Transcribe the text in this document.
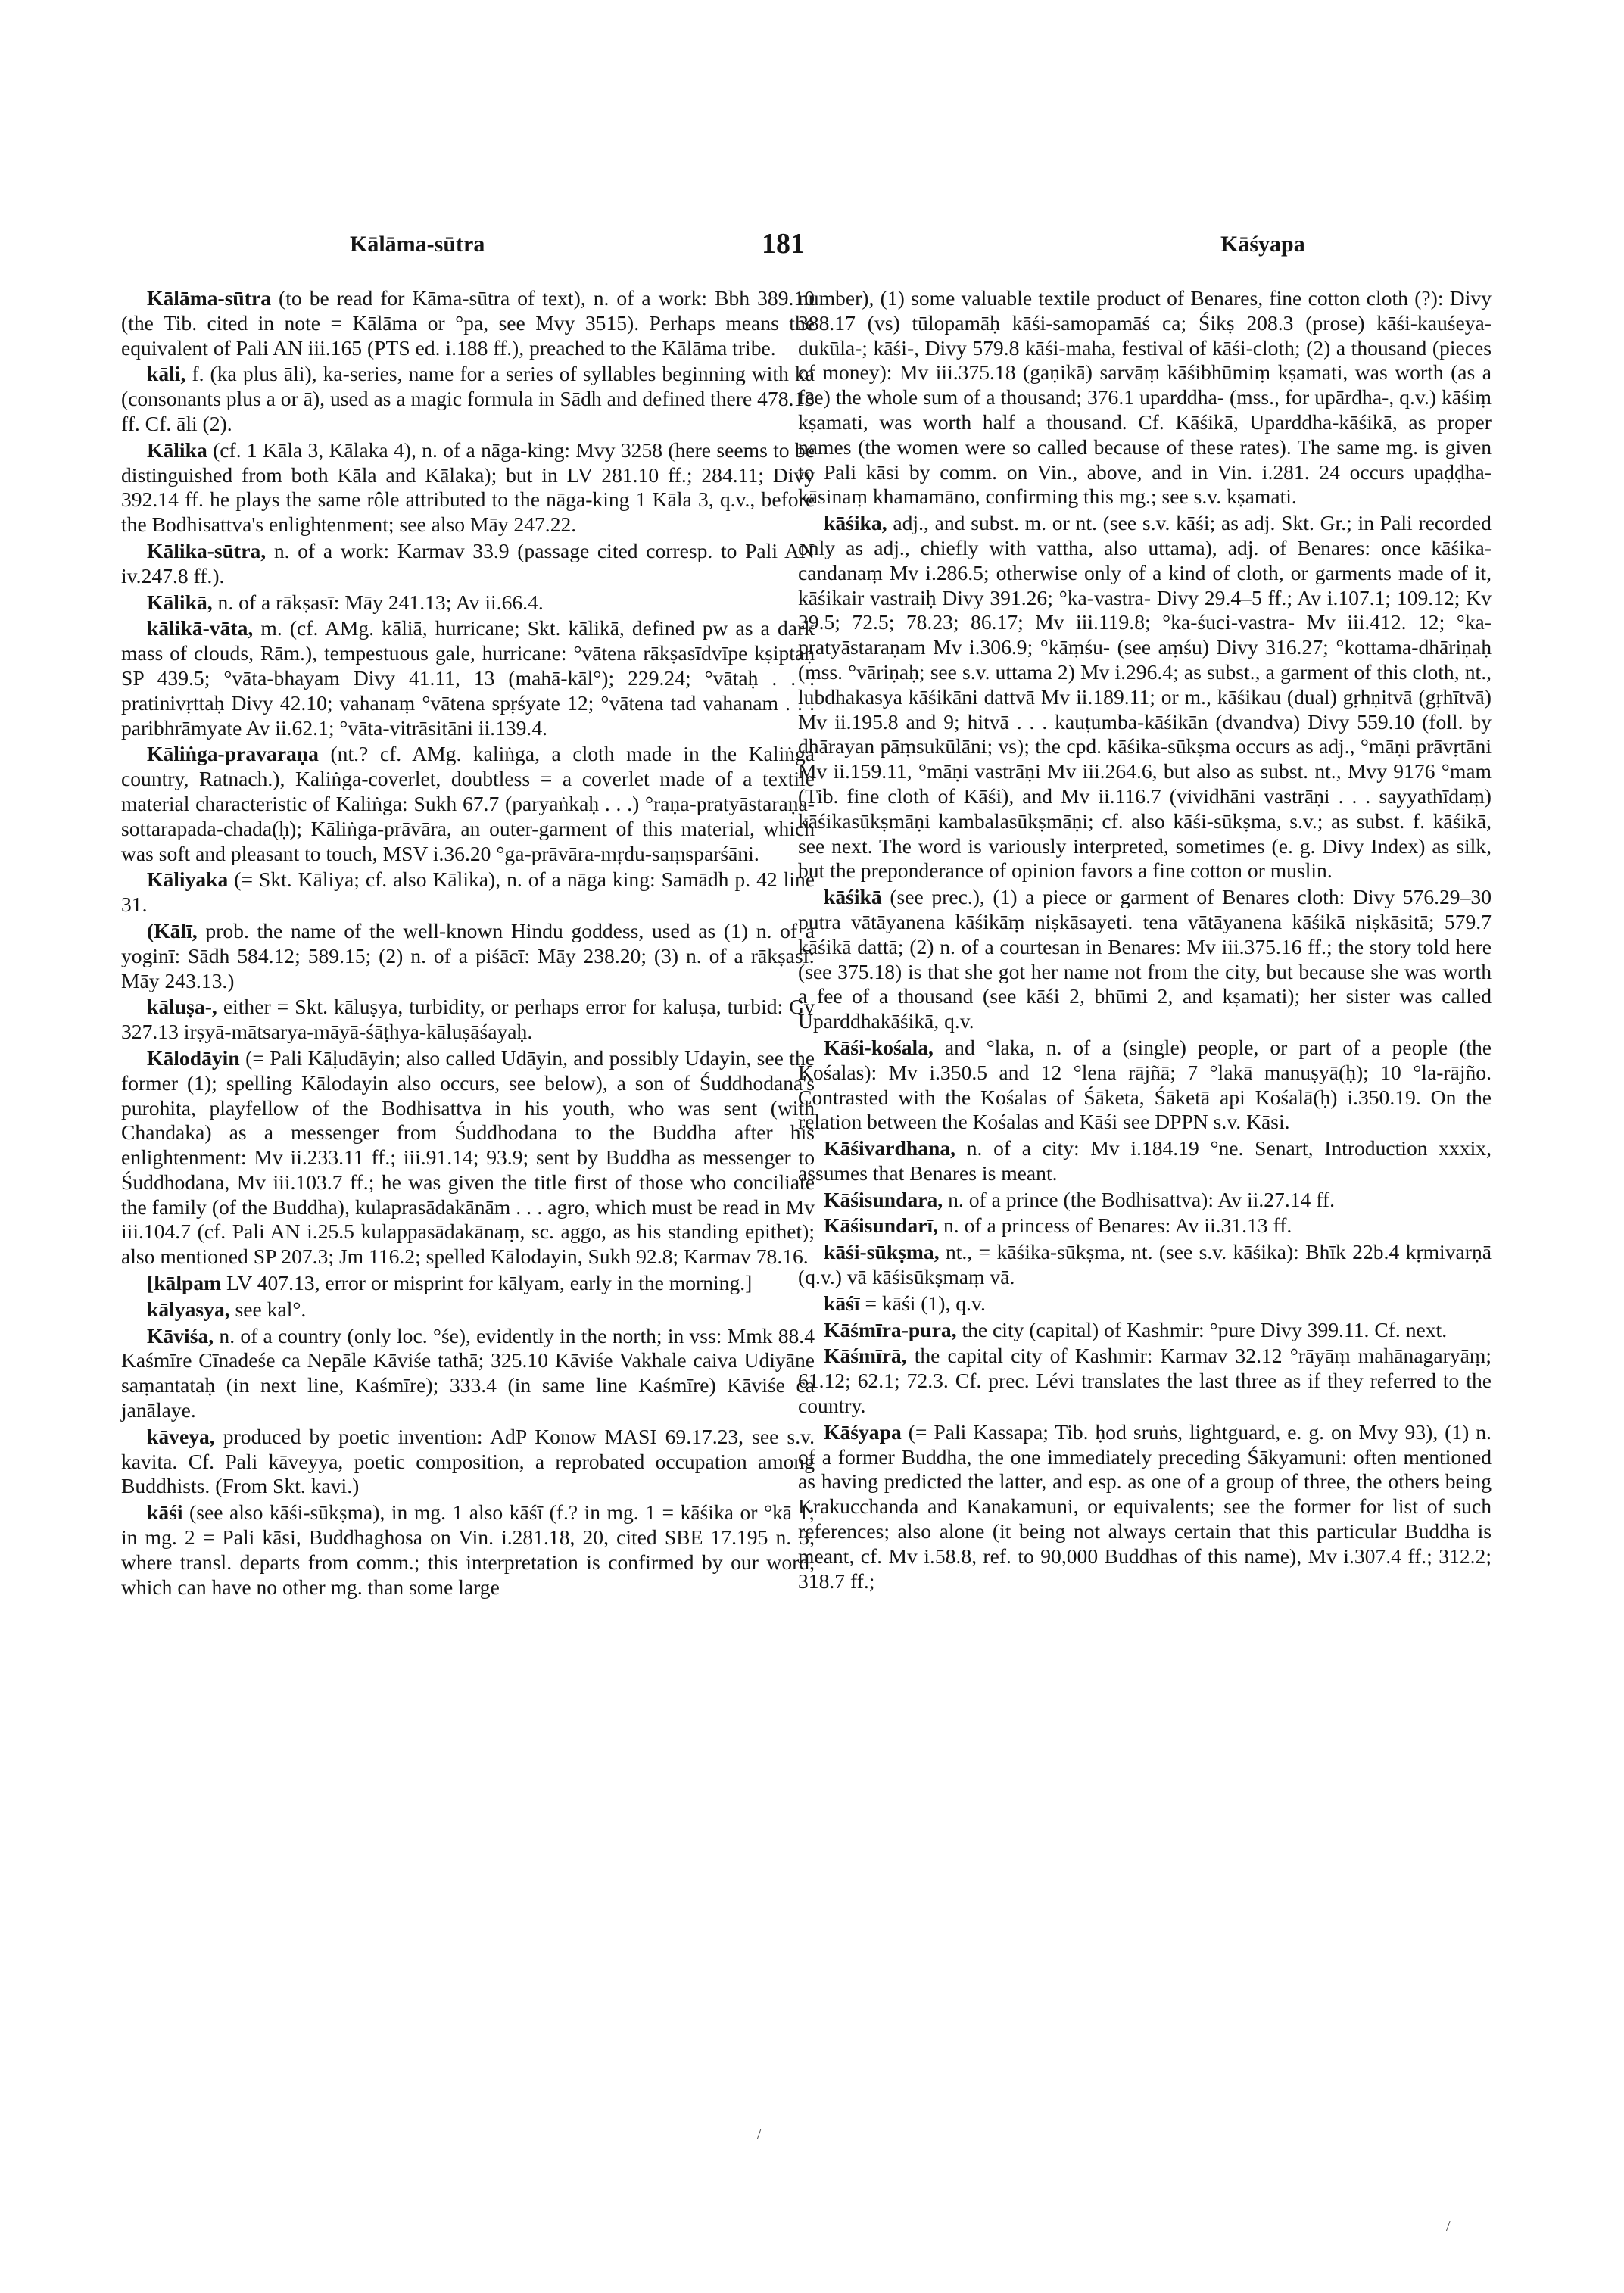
Kālāma-sūtra	181	Kāśyapa

Kālāma-sūtra (to be read for Kāma-sūtra of text), n. of a work: Bbh 389.10 (the Tib. cited in note = Kālāma or °pa, see Mvy 3515). Perhaps means the equivalent of Pali AN iii.165 (PTS ed. i.188 ff.), preached to the Kālāma tribe.

kāli, f. (ka plus āli), ka-series, name for a series of syllables beginning with ka (consonants plus a or ā), used as a magic formula in Sādh and defined there 478.13 ff. Cf. āli (2).

Kālika (cf. 1 Kāla 3, Kālaka 4), n. of a nāga-king: Mvy 3258 (here seems to be distinguished from both Kāla and Kālaka); but in LV 281.10 ff.; 284.11; Divy 392.14 ff. he plays the same rôle attributed to the nāga-king 1 Kāla 3, q.v., before the Bodhisattva's enlightenment; see also Māy 247.22.

Kālika-sūtra, n. of a work: Karmav 33.9 (passage cited corresp. to Pali AN iv.247.8 ff.).

Kālikā, n. of a rākṣasī: Māy 241.13; Av ii.66.4.

kālikā-vāta, m. (cf. AMg. kāliā, hurricane; Skt. kālikā, defined pw as a dark mass of clouds, Rām.), tempestuous gale, hurricane: °vātena rākṣasīdvīpe kṣiptaḥ SP 439.5; °vāta-bhayam Divy 41.11, 13 (mahā-kāl°); 229.24; °vātaḥ . . . pratinivṛttaḥ Divy 42.10; vahanaṃ °vātena spṛśyate 12; °vātena tad vahanam . . . paribhrāmyate Av ii.62.1; °vāta-vitrāsitāni ii.139.4.

Kāliṅga-pravaraṇa (nt.? cf. AMg. kaliṅga, a cloth made in the Kaliṅga country, Ratnach.), Kaliṅga-coverlet, doubtless = a coverlet made of a textile material characteristic of Kaliṅga: Sukh 67.7 (paryaṅkaḥ . . .) °raṇa-pratyāstaraṇa-sottarapada-chada(ḥ); Kāliṅga-prāvāra, an outer-garment of this material, which was soft and pleasant to touch, MSV i.36.20 °ga-prāvāra-mṛdu-saṃsparśāni.

Kāliyaka (= Skt. Kāliya; cf. also Kālika), n. of a nāga king: Samādh p. 42 line 31.

(Kālī, prob. the name of the well-known Hindu goddess, used as (1) n. of a yoginī: Sādh 584.12; 589.15; (2) n. of a piśācī: Māy 238.20; (3) n. of a rākṣasī: Māy 243.13.)

kāluṣa-, either = Skt. kāluṣya, turbidity, or perhaps error for kaluṣa, turbid: Gv 327.13 irṣyā-mātsarya-māyā-śāṭhya-kāluṣāśayaḥ.

Kālodāyin (= Pali Kāḷudāyin; also called Udāyin, and possibly Udayin, see the former (1); spelling Kālodayin also occurs, see below), a son of Śuddhodana's purohita, playfellow of the Bodhisattva in his youth, who was sent (with Chandaka) as a messenger from Śuddhodana to the Buddha after his enlightenment: Mv ii.233.11 ff.; iii.91.14; 93.9; sent by Buddha as messenger to Śuddhodana, Mv iii.103.7 ff.; he was given the title first of those who conciliate the family (of the Buddha), kulaprasādakānām . . . agro, which must be read in Mv iii.104.7 (cf. Pali AN i.25.5 kulappasādakānaṃ, sc. aggo, as his standing epithet); also mentioned SP 207.3; Jm 116.2; spelled Kālodayin, Sukh 92.8; Karmav 78.16.

[kālpam LV 407.13, error or misprint for kālyam, early in the morning.]

kālyasya, see kal°.

Kāviśa, n. of a country (only loc. °śe), evidently in the north; in vss: Mmk 88.4 Kaśmīre Cīnadeśe ca Nepāle Kāviśe tathā; 325.10 Kāviśe Vakhale caiva Udiyāne saṃantataḥ (in next line, Kaśmīre); 333.4 (in same line Kaśmīre) Kāviśe ca janālaye.

kāveya, produced by poetic invention: AdP Konow MASI 69.17.23, see s.v. kavita. Cf. Pali kāveyya, poetic composition, a reprobated occupation among Buddhists. (From Skt. kavi.)

kāśi (see also kāśi-sūkṣma), in mg. 1 also kāśī (f.? in mg. 1 = kāśika or °kā 1; in mg. 2 = Pali kāsi, Buddhaghosa on Vin. i.281.18, 20, cited SBE 17.195 n. 3, where transl. departs from comm.; this interpretation is confirmed by our word, which can have no other mg. than some large

number), (1) some valuable textile product of Benares, fine cotton cloth (?): Divy 388.17 (vs) tūlopamāḥ kāśi-samopamāś ca; Śikṣ 208.3 (prose) kāśi-kauśeya-dukūla-; kāśi-, Divy 579.8 kāśi-maha, festival of kāśi-cloth; (2) a thousand (pieces of money): Mv iii.375.18 (gaṇikā) sarvāṃ kāśibhūmiṃ kṣamati, was worth (as a fee) the whole sum of a thousand; 376.1 uparddha- (mss., for upārdha-, q.v.) kāśiṃ kṣamati, was worth half a thousand. Cf. Kāśikā, Uparddha-kāśikā, as proper names (the women were so called because of these rates). The same mg. is given to Pali kāsi by comm. on Vin., above, and in Vin. i.281. 24 occurs upaḍḍha-kāsinaṃ khamamāno, confirming this mg.; see s.v. kṣamati.

kāśika, adj., and subst. m. or nt. (see s.v. kāśi; as adj. Skt. Gr.; in Pali recorded only as adj., chiefly with vattha, also uttama), adj. of Benares: once kāśika-candanaṃ Mv i.286.5; otherwise only of a kind of cloth, or garments made of it, kāśikair vastraiḥ Divy 391.26; °ka-vastra- Divy 29.4–5 ff.; Av i.107.1; 109.12; Kv 39.5; 72.5; 78.23; 86.17; Mv iii.119.8; °ka-śuci-vastra- Mv iii.412. 12; °ka-pratyāstaraṇam Mv i.306.9; °kāṃśu- (see aṃśu) Divy 316.27; °kottama-dhāriṇaḥ (mss. °vāriṇaḥ; see s.v. uttama 2) Mv i.296.4; as subst., a garment of this cloth, nt., lubdhakasya kāśikāni dattvā Mv ii.189.11; or m., kāśikau (dual) gṛhṇitvā (gṛhītvā) Mv ii.195.8 and 9; hitvā . . . kauṭumba-kāśikān (dvandva) Divy 559.10 (foll. by dhārayan pāṃsukūlāni; vs); the cpd. kāśika-sūkṣma occurs as adj., °māṇi prāvṛtāni Mv ii.159.11, °māṇi vastrāṇi Mv iii.264.6, but also as subst. nt., Mvy 9176 °mam (Tib. fine cloth of Kāśi), and Mv ii.116.7 (vividhāni vastrāṇi . . . sayyathīdaṃ) kāśikasūkṣmāṇi kambalasūkṣmāṇi; cf. also kāśi-sūkṣma, s.v.; as subst. f. kāśikā, see next. The word is variously interpreted, sometimes (e. g. Divy Index) as silk, but the preponderance of opinion favors a fine cotton or muslin.

kāśikā (see prec.), (1) a piece or garment of Benares cloth: Divy 576.29–30 putra vātāyanena kāśikāṃ niṣkāsayeti. tena vātāyanena kāśikā niṣkāsitā; 579.7 kāśikā dattā; (2) n. of a courtesan in Benares: Mv iii.375.16 ff.; the story told here (see 375.18) is that she got her name not from the city, but because she was worth a fee of a thousand (see kāśi 2, bhūmi 2, and kṣamati); her sister was called Uparddhakāśikā, q.v.

Kāśi-kośala, and °laka, n. of a (single) people, or part of a people (the Kośalas): Mv i.350.5 and 12 °lena rājñā; 7 °lakā manuṣyā(ḥ); 10 °la-rājño. Contrasted with the Kośalas of Śāketa, Śāketā api Kośalā(ḥ) i.350.19. On the relation between the Kośalas and Kāśi see DPPN s.v. Kāsi.

Kāśivardhana, n. of a city: Mv i.184.19 °ne. Senart, Introduction xxxix, assumes that Benares is meant.

Kāśisundara, n. of a prince (the Bodhisattva): Av ii.27.14 ff.

Kāśisundarī, n. of a princess of Benares: Av ii.31.13 ff.

kāśi-sūkṣma, nt., = kāśika-sūkṣma, nt. (see s.v. kāśika): Bhīk 22b.4 kṛmivarṇā (q.v.) vā kāśisūkṣmaṃ vā.

kāśī = kāśi (1), q.v.

Kāśmīra-pura, the city (capital) of Kashmir: °pure Divy 399.11. Cf. next.

Kāśmīrā, the capital city of Kashmir: Karmav 32.12 °rāyāṃ mahānagaryāṃ; 61.12; 62.1; 72.3. Cf. prec. Lévi translates the last three as if they referred to the country.

Kāśyapa (= Pali Kassapa; Tib. ḥod sruṅs, lightguard, e. g. on Mvy 93), (1) n. of a former Buddha, the one immediately preceding Śākyamuni: often mentioned as having predicted the latter, and esp. as one of a group of three, the others being Krakucchanda and Kanakamuni, or equivalents; see the former for list of such references; also alone (it being not always certain that this particular Buddha is meant, cf. Mv i.58.8, ref. to 90,000 Buddhas of this name), Mv i.307.4 ff.; 312.2; 318.7 ff.;

/
/
